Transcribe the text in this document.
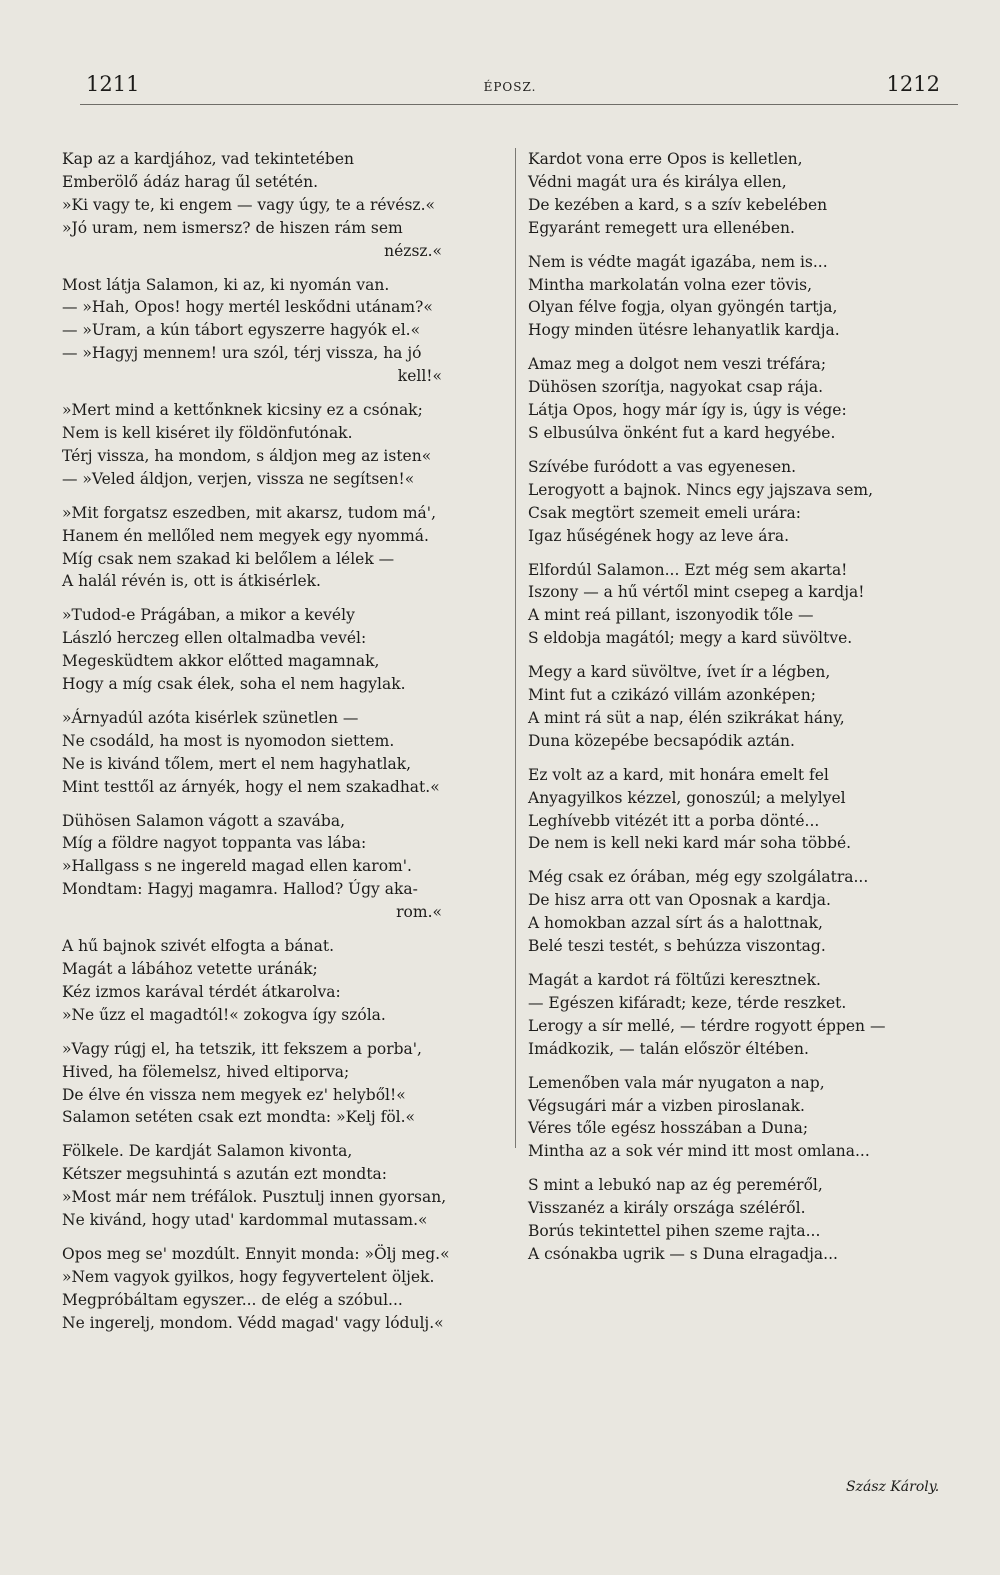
1211	ÉPOSZ.	1212
Kap az a kardjához, vad tekintetében
Emberölő ádáz harag űl setétén.
»Ki vagy te, ki engem — vagy úgy, te a révész.«
»Jó uram, nem ismersz? de hiszen rám sem
nézsz.«
Most látja Salamon, ki az, ki nyomán van.
— »Hah, Opos! hogy mertél leskődni utánam?«
— »Uram, a kún tábort egyszerre hagyók el.«
— »Hagyj mennem! ura szól, térj vissza, ha jó
kell!«
»Mert mind a kettőnknek kicsiny ez a csónak;
Nem is kell kiséret ily földönfutónak.
Térj vissza, ha mondom, s áldjon meg az isten«
— »Veled áldjon, verjen, vissza ne segítsen!«
»Mit forgatsz eszedben, mit akarsz, tudom má',
Hanem én mellőled nem megyek egy nyommá.
Míg csak nem szakad ki belőlem a lélek —
A halál révén is, ott is átkisérlek.
»Tudod-e Prágában, a mikor a kevély
László herczeg ellen oltalmadba vevél:
Megesküdtem akkor előtted magamnak,
Hogy a míg csak élek, soha el nem hagylak.
»Árnyadúl azóta kisérlek szünetlen —
Ne csodáld, ha most is nyomodon siettem.
Ne is kivánd tőlem, mert el nem hagyhatlak,
Mint testtől az árnyék, hogy el nem szakadhat.«
Dühösen Salamon vágott a szavába,
Míg a földre nagyot toppanta vas lába:
»Hallgass s ne ingereld magad ellen karom'.
Mondtam: Hagyj magamra. Hallod? Úgy aka-
rom.«
A hű bajnok szivét elfogta a bánat.
Magát a lábához vetette uránák;
Kéz izmos karával térdét átkarolva:
»Ne űzz el magadtól!« zokogva így szóla.
»Vagy rúgj el, ha tetszik, itt fekszem a porba',
Hived, ha fölemelsz, hived eltiporva;
De élve én vissza nem megyek ez' helyből!«
Salamon setéten csak ezt mondta: »Kelj föl.«
Fölkele. De kardját Salamon kivonta,
Kétszer megsuhintá s azután ezt mondta:
»Most már nem tréfálok. Pusztulj innen gyorsan,
Ne kivánd, hogy utad' kardommal mutassam.«
Opos meg se' mozdúlt. Ennyit monda: »Ölj meg.«
»Nem vagyok gyilkos, hogy fegyvertelent öljek.
Megpróbáltam egyszer... de elég a szóbul...
Ne ingerelj, mondom. Védd magad' vagy lódulj.«
Kardot vona erre Opos is kelletlen,
Védni magát ura és királya ellen,
De kezében a kard, s a szív kebelében
Egyaránt remegett ura ellenében.
Nem is védte magát igazába, nem is...
Mintha markolatán volna ezer tövis,
Olyan félve fogja, olyan gyöngén tartja,
Hogy minden ütésre lehanyatlik kardja.
Amaz meg a dolgot nem veszi tréfára;
Dühösen szorítja, nagyokat csap rája.
Látja Opos, hogy már így is, úgy is vége:
S elbusúlva önként fut a kard hegyébe.
Szívébe furódott a vas egyenesen.
Lerogyott a bajnok. Nincs egy jajszava sem,
Csak megtört szemeit emeli urára:
Igaz hűségének hogy az leve ára.
Elfordúl Salamon... Ezt még sem akarta!
Iszony — a hű vértől mint csepeg a kardja!
A mint reá pillant, iszonyodik tőle —
S eldobja magától; megy a kard süvöltve.
Megy a kard süvöltve, ívet ír a légben,
Mint fut a czikázó villám azonképen;
A mint rá süt a nap, élén szikrákat hány,
Duna közepébe becsapódik aztán.
Ez volt az a kard, mit honára emelt fel
Anyagyilkos kézzel, gonoszúl; a melylyel
Leghívebb vitézét itt a porba dönté...
De nem is kell neki kard már soha többé.
Még csak ez órában, még egy szolgálatra...
De hisz arra ott van Oposnak a kardja.
A homokban azzal sírt ás a halottnak,
Belé teszi testét, s behúzza viszontag.
Magát a kardot rá föltűzi keresztnek.
— Egészen kifáradt; keze, térde reszket.
Lerogy a sír mellé, — térdre rogyott éppen —
Imádkozik, — talán először éltében.
Lemenőben vala már nyugaton a nap,
Végsugári már a vizben piroslanak.
Véres tőle egész hosszában a Duna;
Mintha az a sok vér mind itt most omlana...
S mint a lebukó nap az ég pereméről,
Visszanéz a király országa széléről.
Borús tekintettel pihen szeme rajta...
A csónakba ugrik — s Duna elragadja...
Szász Károly.
